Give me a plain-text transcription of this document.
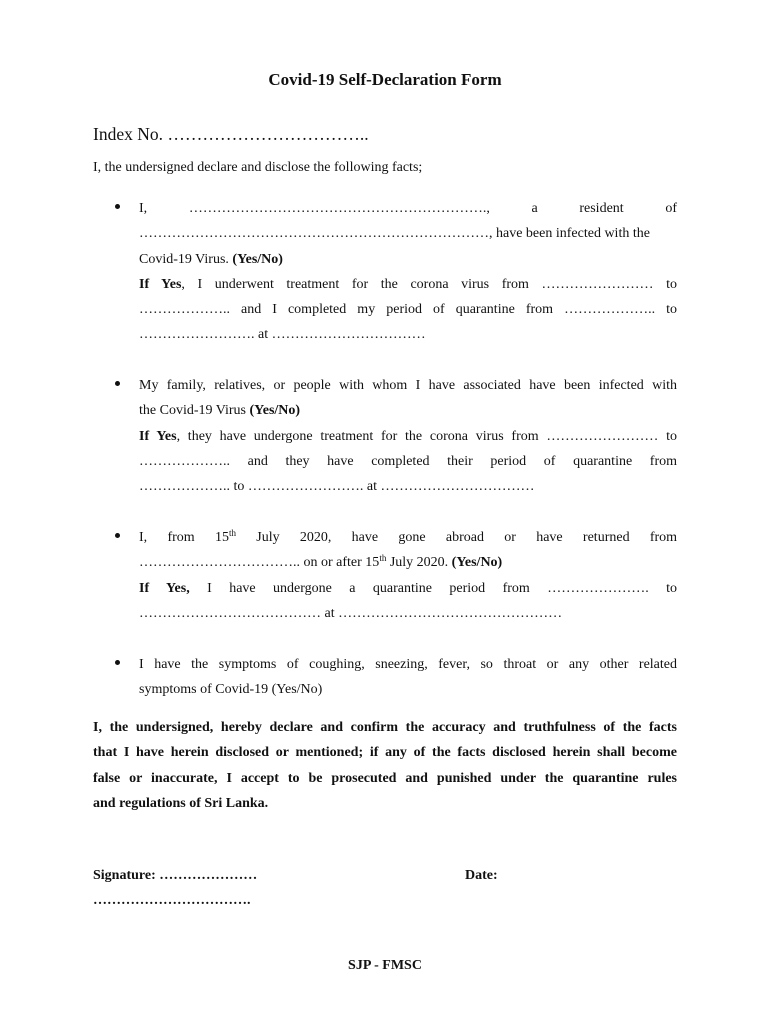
Covid-19 Self-Declaration Form
Index No. ……………………………..
I, the undersigned declare and disclose the following facts;
I,	……………………………………………………….,	a	resident	of
…………………………………………………………………, have been infected with the
Covid-19 Virus. (Yes/No)
If Yes, I underwent treatment for the corona virus from …………………… to
……………….. and I completed my period of quarantine from ……………….. to
……………………. at ……………………………
My family, relatives, or people with whom I have associated have been infected with
the Covid-19 Virus (Yes/No)
If Yes, they have undergone treatment for the corona virus from …………………… to
……………….. and they have completed their period of quarantine from
……………….. to ……………………. at ……………………………
I, from 15th July 2020, have gone abroad or have returned from
…………………………….. on or after 15th July 2020. (Yes/No)
If Yes, I have undergone a quarantine period from …………………. to
………………………………… at …………………………………………
I have the symptoms of coughing, sneezing, fever, so throat or any other related
symptoms of Covid-19 (Yes/No)
I, the undersigned, hereby declare and confirm the accuracy and truthfulness of the facts
that I have herein disclosed or mentioned; if any of the facts disclosed herein shall become
false or inaccurate, I accept to be prosecuted and punished under the quarantine rules
and regulations of Sri Lanka.
Signature: …………………	Date:
…………………………….
SJP - FMSC
